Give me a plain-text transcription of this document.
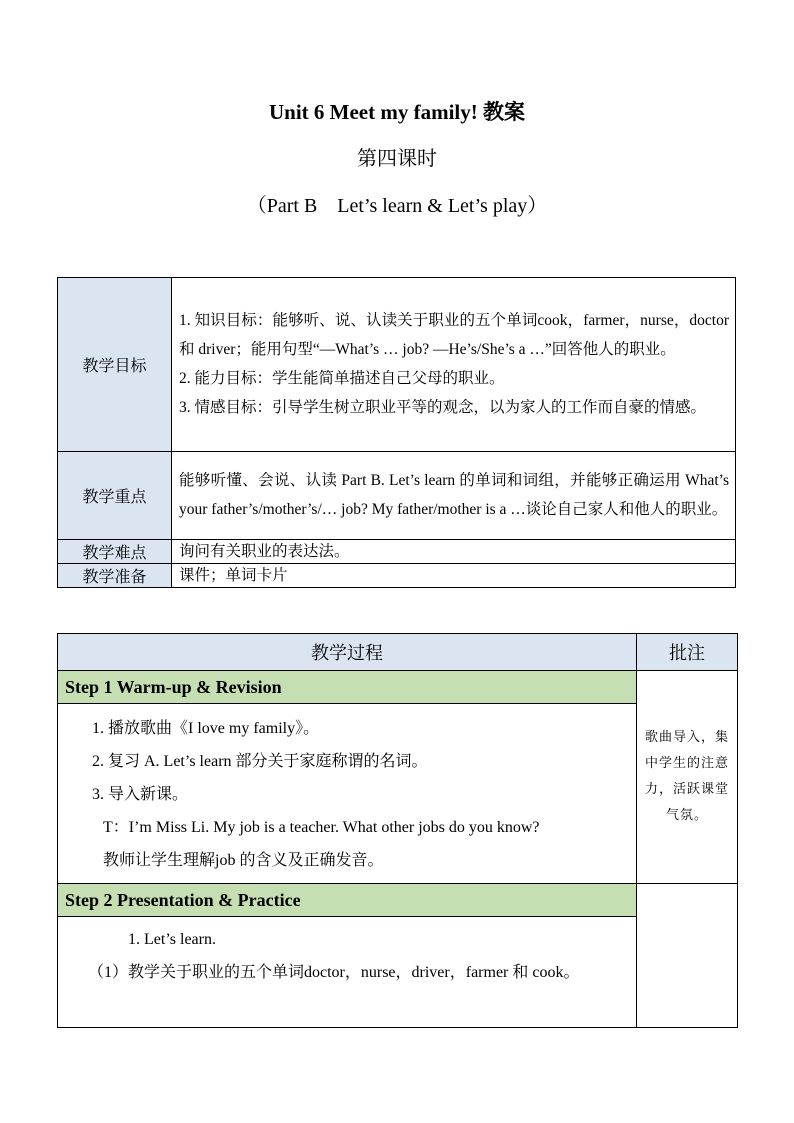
Unit 6 Meet my family! 教案
第四课时
（Part B    Let’s learn & Let’s play）
教学目标	1. 知识目标：能够听、说、认读关于职业的五个单词cook，farmer，nurse，doctor 和 driver；能用句型“—What’s … job? —He’s/She’s a …”回答他人的职业。

2. 能力目标：学生能简单描述自己父母的职业。

3. 情感目标：引导学生树立职业平等的观念，以为家人的工作而自豪的情感。

教学重点	能够听懂、会说、认读 Part B. Let’s learn 的单词和词组，并能够正确运用 What’s your father’s/mother’s/… job? My father/mother is a …谈论自己家人和他人的职业。

教学难点	询问有关职业的表达法。

教学准备	课件；单词卡片

教学过程	批注
Step 1 Warm-up & Revision	歌曲导入，集中学生的注意力，活跃课堂气氛。

1. 播放歌曲《I love my family》。

2. 复习 A. Let’s learn 部分关于家庭称谓的名词。

3. 导入新课。

T：I’m Miss Li. My job is a teacher. What other jobs do you know?

教师让学生理解job 的含义及正确发音。	

Step 2 Presentation & Practice	

1. Let’s learn.

（1）教学关于职业的五个单词doctor，nurse，driver，farmer 和 cook。	
